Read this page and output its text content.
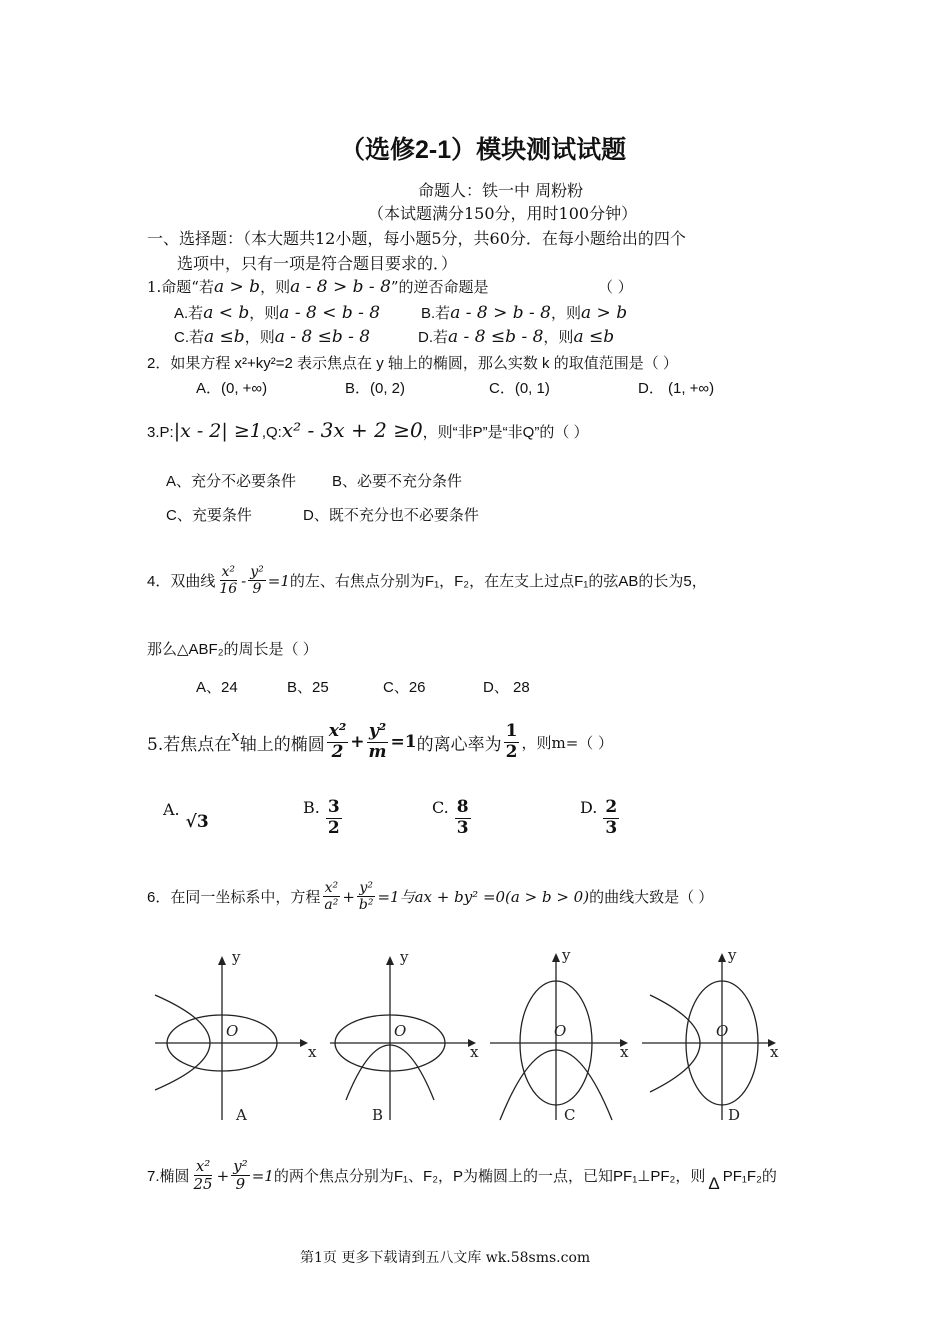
（选修2-1）模块测试试题
命题人：铁一中 周粉粉
（本试题满分150分，用时100分钟）
一、选择题：（本大题共12小题，每小题5分，共60分．在每小题给出的四个
选项中，只有一项是符合题目要求的．）
1.命题“若a > b，则a - 8 > b - 8”的逆否命题是	（ ）
A.若a < b，则a - 8 < b - 8	B.若a - 8 > b - 8，则a > b
C.若a ≤b，则a - 8 ≤b - 8	D.若a - 8 ≤b - 8，则a ≤b
2．如果方程 x²+ky²=2 表示焦点在 y 轴上的椭圆，那么实数 k 的取值范围是（ ）
A．(0, +∞)	B．(0, 2)	C．(0, 1)	D． (1, +∞)
3.P:|x - 2| ≥1,Q:x² - 3x + 2 ≥0，则“非P”是“非Q”的（ ）
A、充分不必要条件 B、必要不充分条件
C、充要条件	D、既不充分也不必要条件
4．双曲线 $\frac{\text{x²}}{16} - \frac{\text{y²}}{9} =1$ 的左、右焦点分别为F₁，F₂，在左支上过点F₁的弦AB的长为5，
那么△ABF₂的周长是（ ）
A、24	B、25	C、26	D、 28
5.若焦点在 x 轴上的椭圆 $\frac{\text{x²}}{2} + \frac{\text{y²}}{m} =1$ 的离心率为 $\frac{1}{2}$ ，则m=（ ）
A.
√3
B. $\frac{3}{2}$	C. $\frac{8}{3}$	D. $\frac{2}{3}$
6．在同一坐标系中，方程 $\frac{\text{x²}}{\text{a²}} + \frac{\text{y²}}{\text{b²}} =1$与ax + by² =0(a > b > 0) 的曲线大致是（ ）
y
x
O
A
y
x
O
B
y
x
O
C
y
x
O
D
7.椭圆 $\frac{\text{x²}}{25} + \frac{\text{y²}}{9} =1$ 的两个焦点分别为F₁、F₂，P为椭圆上的一点，已知PF₁⊥PF₂，则 Δ PF₁F₂的
第1页 更多下载请到五八文库 wk.58sms.com
